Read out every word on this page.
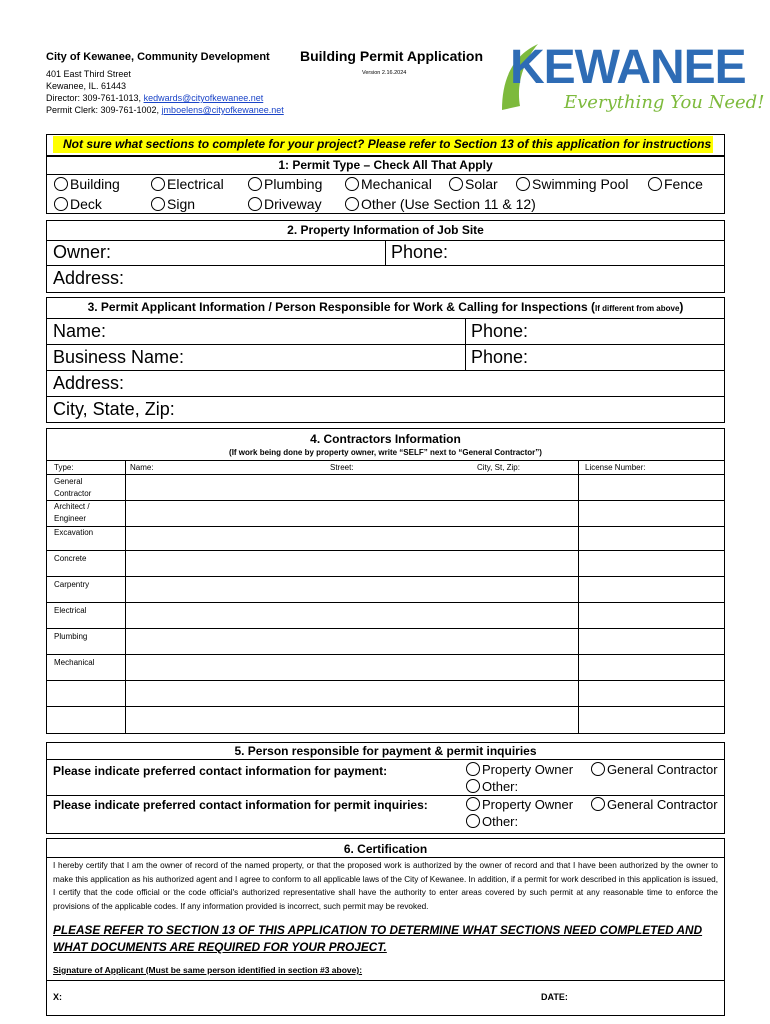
City of Kewanee, Community Development
401 East Third Street
Kewanee, IL. 61443
Director: 309-761-1013, kedwards@cityofkewanee.net
Permit Clerk: 309-761-1002, jmboelens@cityofkewanee.net
Building Permit Application
Version 2.16.2024 KEWANEE
Everything You Need!
Not sure what sections to complete for your project? Please refer to Section 13 of this application for instructions
1: Permit Type – Check All That Apply
Building	Electrical	Plumbing	Mechanical	Solar	Swimming Pool	Fence
Deck	Sign	Driveway	Other (Use Section 11 & 12)
2. Property Information of Job Site
Owner:	Phone:
Address:
3. Permit Applicant Information / Person Responsible for Work & Calling for Inspections (If different from above)
Name:	Phone:
Business Name:	Phone:
Address:
City, State, Zip:
4. Contractors Information
(If work being done by property owner, write “SELF” next to “General Contractor”)
Type:	Name:	Street:	City, St, Zip:	License Number:
General Contractor
Architect / Engineer
Excavation
Concrete
Carpentry
Electrical
Plumbing
Mechanical
5. Person responsible for payment & permit inquiries
Please indicate preferred contact information for payment:	Property Owner	General Contractor
Other:
Please indicate preferred contact information for permit inquiries:	Property Owner	General Contractor
Other:
6. Certification
I hereby certify that I am the owner of record of the named property, or that the proposed work is authorized by the owner of record and that I have been authorized by the owner to make this application as his authorized agent and I agree to conform to all applicable laws of the City of Kewanee. In addition, if a permit for work described in this application is issued, I certify that the code official or the code official's authorized representative shall have the authority to enter areas covered by such permit at any reasonable time to enforce the provisions of the applicable codes. If any information provided is incorrect, such permit may be revoked.
PLEASE REFER TO SECTION 13 OF THIS APPLICATION TO DETERMINE WHAT SECTIONS NEED COMPLETED AND WHAT DOCUMENTS ARE REQUIRED FOR YOUR PROJECT.
Signature of Applicant (Must be same person identified in section #3 above):
X:	DATE:
